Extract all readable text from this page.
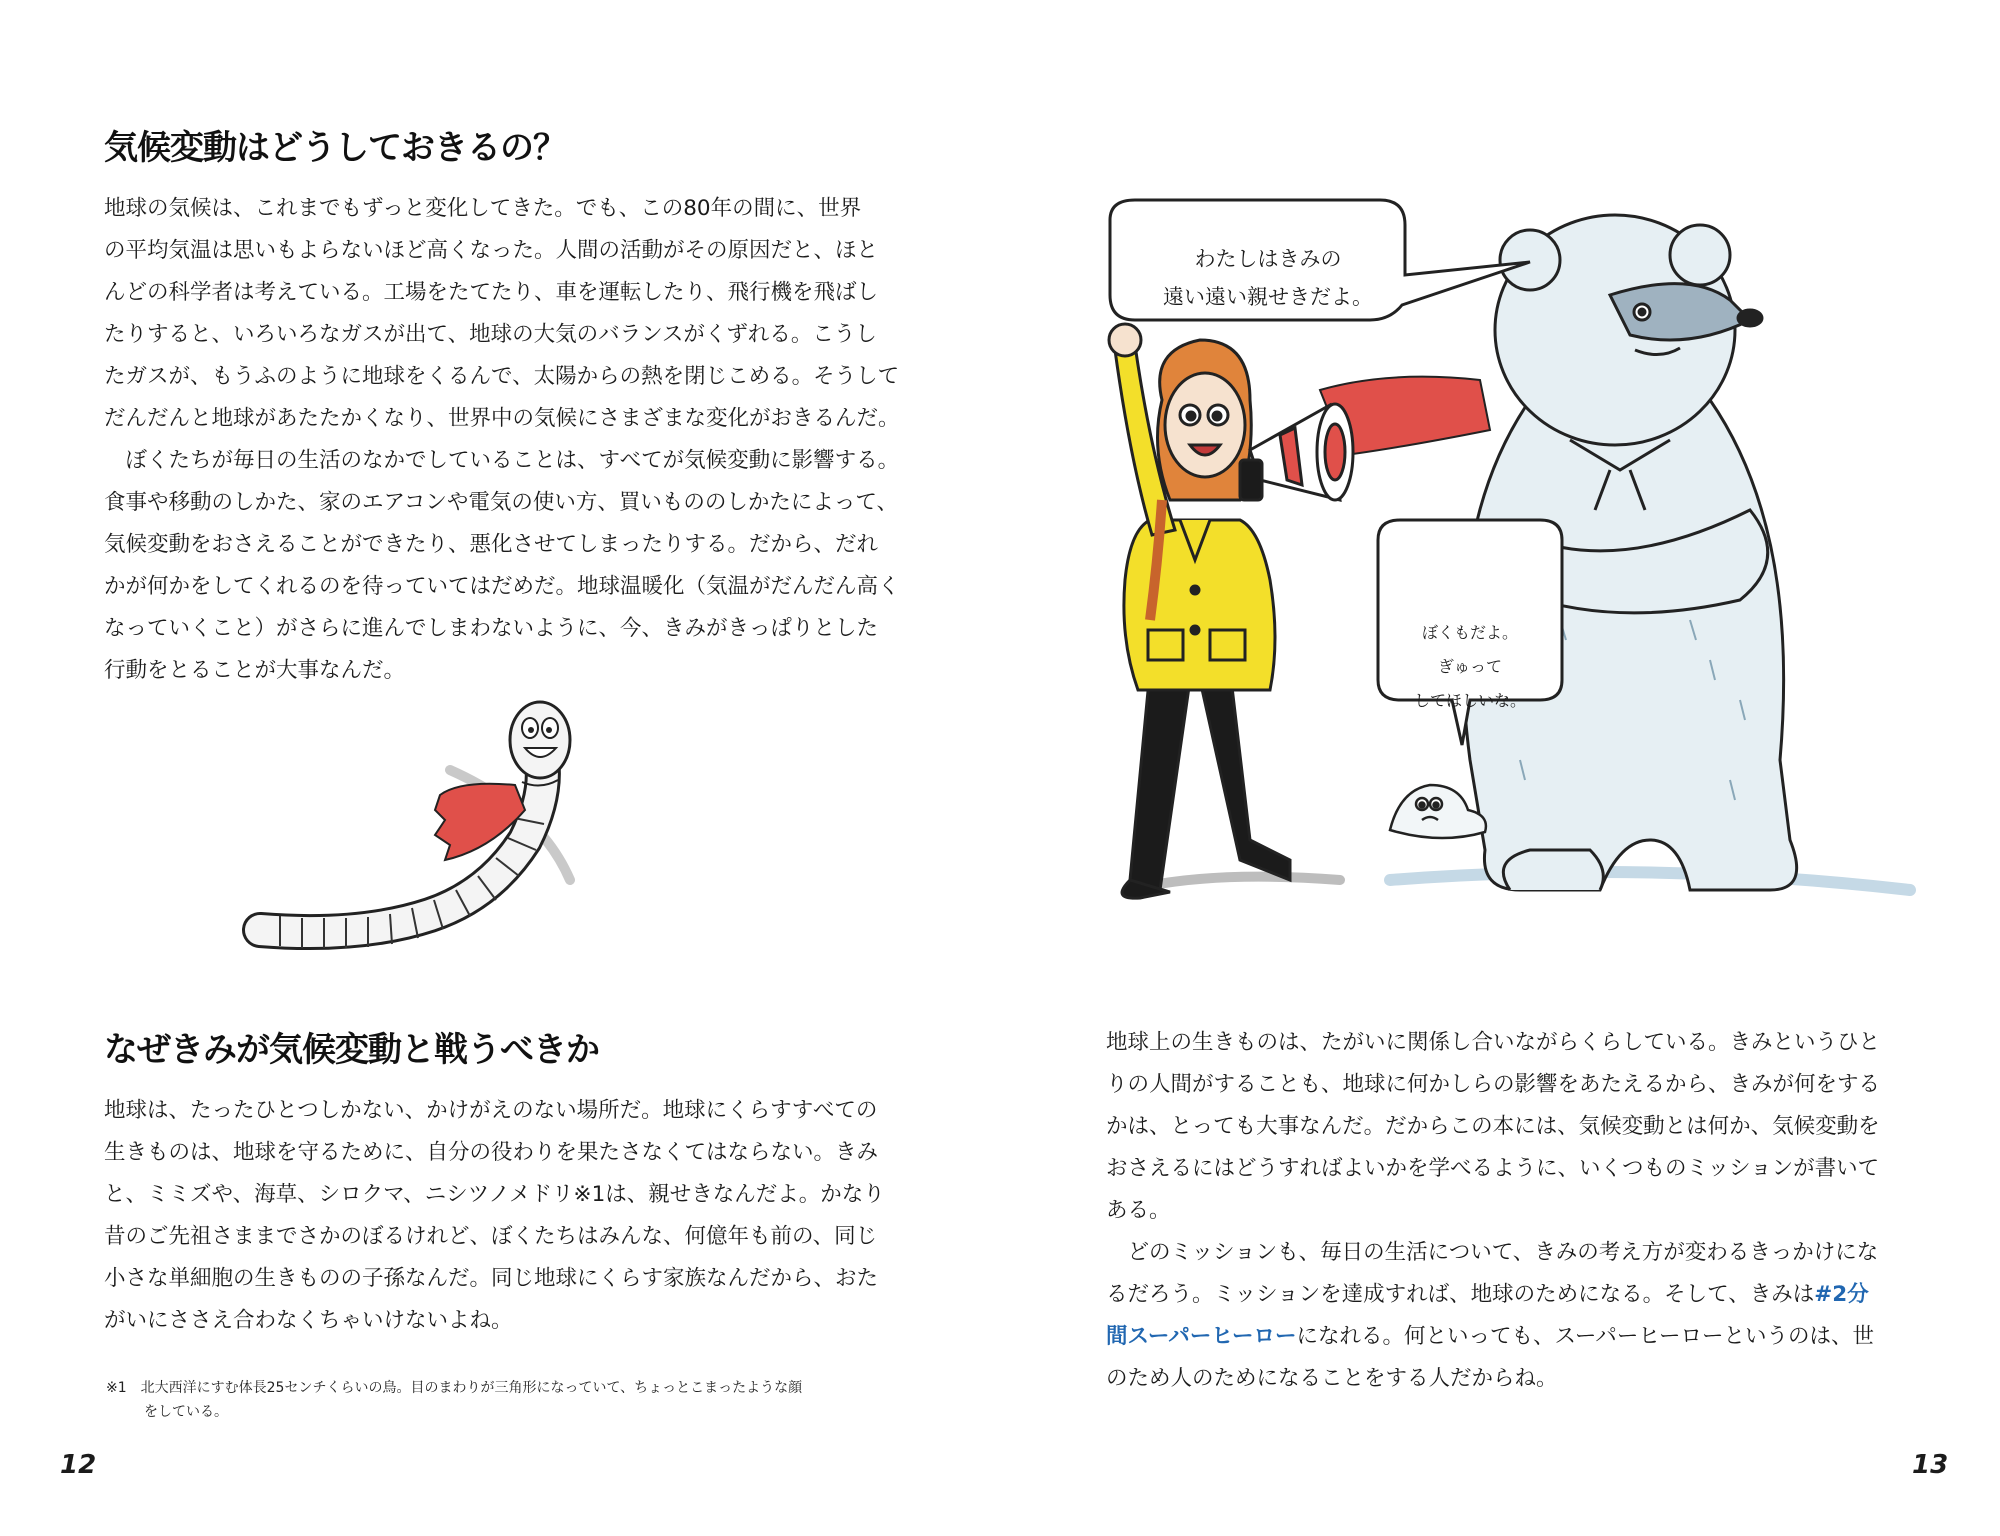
気候変動はどうしておきるの？

地球の気候は、これまでもずっと変化してきた。でも、この80年の間に、世界

の平均気温は思いもよらないほど高くなった。人間の活動がその原因だと、ほと

んどの科学者は考えている。工場をたてたり、車を運転したり、飛行機を飛ばし

たりすると、いろいろなガスが出て、地球の大気のバランスがくずれる。こうし

たガスが、もうふのように地球をくるんで、太陽からの熱を閉じこめる。そうして

だんだんと地球があたたかくなり、世界中の気候にさまざまな変化がおきるんだ。

ぼくたちが毎日の生活のなかでしていることは、すべてが気候変動に影響する。

食事や移動のしかた、家のエアコンや電気の使い方、買いもののしかたによって、

気候変動をおさえることができたり、悪化させてしまったりする。だから、だれ

かが何かをしてくれるのを待っていてはだめだ。地球温暖化（気温がだんだん高く

なっていくこと）がさらに進んでしまわないように、今、きみがきっぱりとした

行動をとることが大事なんだ。

なぜきみが気候変動と戦うべきか

地球は、たったひとつしかない、かけがえのない場所だ。地球にくらすすべての

生きものは、地球を守るために、自分の役わりを果たさなくてはならない。きみ

と、ミミズや、海草、シロクマ、ニシツノメドリ※1は、親せきなんだよ。かなり

昔のご先祖さままでさかのぼるけれど、ぼくたちはみんな、何億年も前の、同じ

小さな単細胞の生きものの子孫なんだ。同じ地球にくらす家族なんだから、おた

がいにささえ合わなくちゃいけないよね。

※1　北大西洋にすむ体長25センチくらいの鳥。目のまわりが三角形になっていて、ちょっとこまったような顔
をしている。
12
わたしはきみの
遠い遠い親せきだよ。
ぼくもだよ。
ぎゅって
してほしいな。

地球上の生きものは、たがいに関係し合いながらくらしている。きみというひと

りの人間がすることも、地球に何かしらの影響をあたえるから、きみが何をする

かは、とっても大事なんだ。だからこの本には、気候変動とは何か、気候変動を

おさえるにはどうすればよいかを学べるように、いくつものミッションが書いて

ある。

どのミッションも、毎日の生活について、きみの考え方が変わるきっかけにな

るだろう。ミッションを達成すれば、地球のためになる。そして、きみは#2分

間スーパーヒーローになれる。何といっても、スーパーヒーローというのは、世

のため人のためになることをする人だからね。

13
